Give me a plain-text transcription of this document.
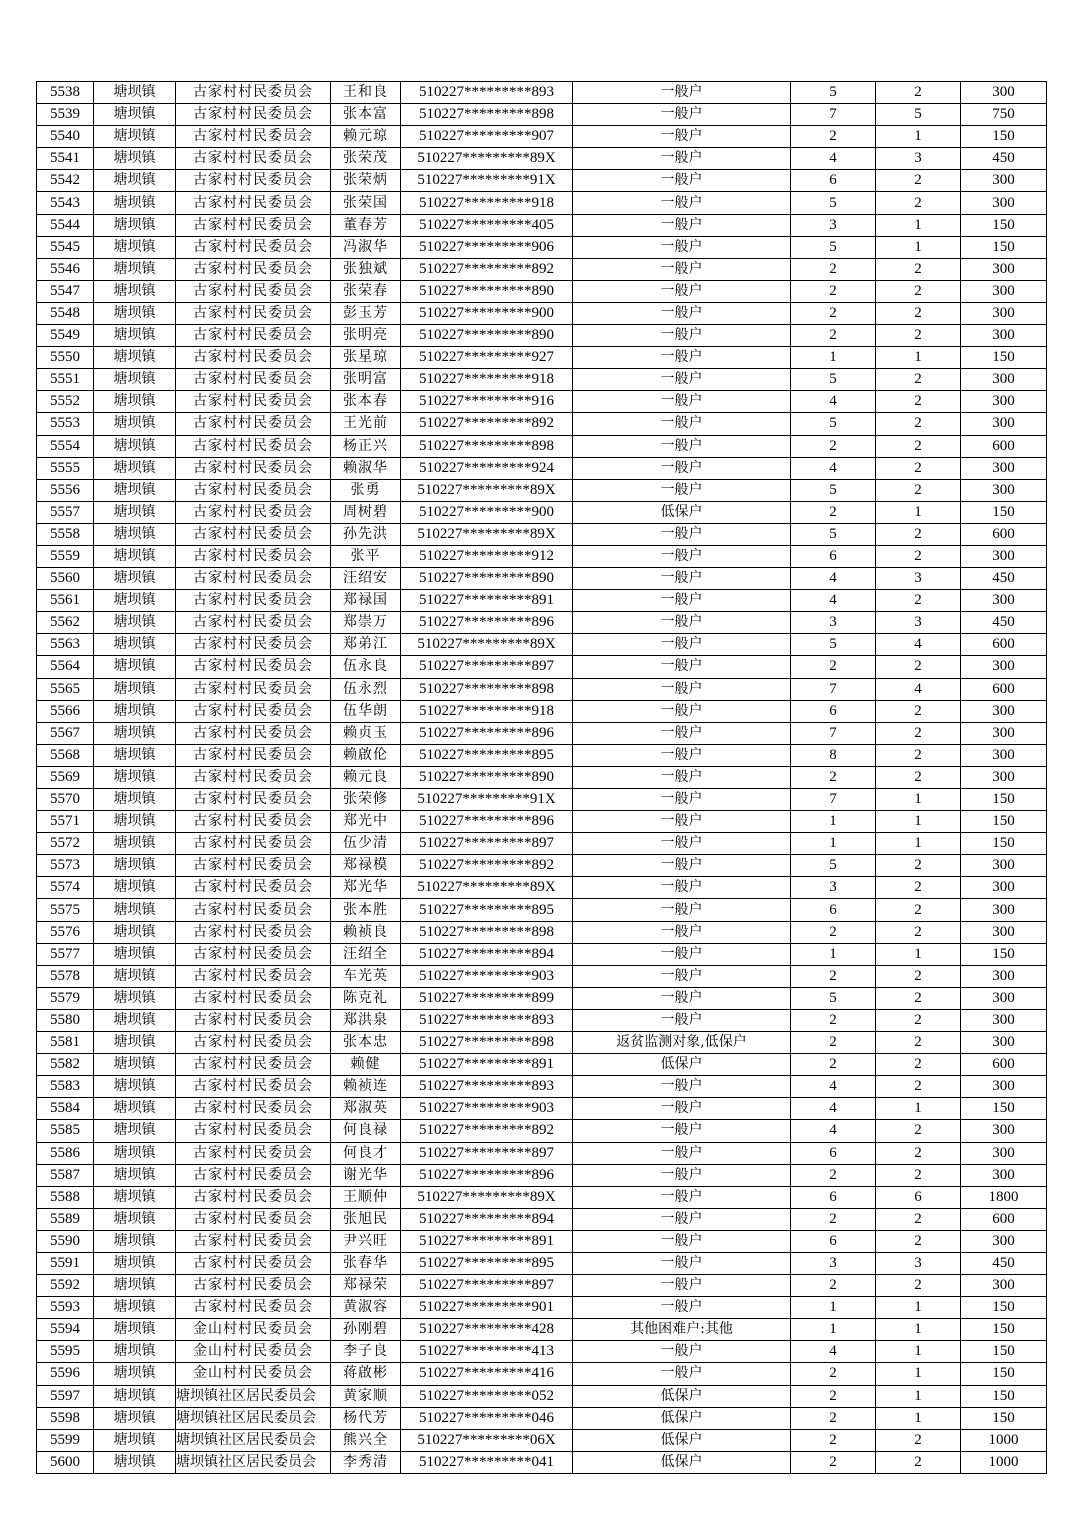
5538	塘坝镇	古家村村民委员会	王和良	510227*********893	一般户	5	2	300
5539	塘坝镇	古家村村民委员会	张本富	510227*********898	一般户	7	5	750
5540	塘坝镇	古家村村民委员会	赖元琼	510227*********907	一般户	2	1	150
5541	塘坝镇	古家村村民委员会	张荣茂	510227*********89X	一般户	4	3	450
5542	塘坝镇	古家村村民委员会	张荣炳	510227*********91X	一般户	6	2	300
5543	塘坝镇	古家村村民委员会	张荣国	510227*********918	一般户	5	2	300
5544	塘坝镇	古家村村民委员会	董春芳	510227*********405	一般户	3	1	150
5545	塘坝镇	古家村村民委员会	冯淑华	510227*********906	一般户	5	1	150
5546	塘坝镇	古家村村民委员会	张独斌	510227*********892	一般户	2	2	300
5547	塘坝镇	古家村村民委员会	张荣春	510227*********890	一般户	2	2	300
5548	塘坝镇	古家村村民委员会	彭玉芳	510227*********900	一般户	2	2	300
5549	塘坝镇	古家村村民委员会	张明亮	510227*********890	一般户	2	2	300
5550	塘坝镇	古家村村民委员会	张星琼	510227*********927	一般户	1	1	150
5551	塘坝镇	古家村村民委员会	张明富	510227*********918	一般户	5	2	300
5552	塘坝镇	古家村村民委员会	张本春	510227*********916	一般户	4	2	300
5553	塘坝镇	古家村村民委员会	王光前	510227*********892	一般户	5	2	300
5554	塘坝镇	古家村村民委员会	杨正兴	510227*********898	一般户	2	2	600
5555	塘坝镇	古家村村民委员会	赖淑华	510227*********924	一般户	4	2	300
5556	塘坝镇	古家村村民委员会	张勇	510227*********89X	一般户	5	2	300
5557	塘坝镇	古家村村民委员会	周树碧	510227*********900	低保户	2	1	150
5558	塘坝镇	古家村村民委员会	孙先洪	510227*********89X	一般户	5	2	600
5559	塘坝镇	古家村村民委员会	张平	510227*********912	一般户	6	2	300
5560	塘坝镇	古家村村民委员会	汪绍安	510227*********890	一般户	4	3	450
5561	塘坝镇	古家村村民委员会	郑禄国	510227*********891	一般户	4	2	300
5562	塘坝镇	古家村村民委员会	郑崇万	510227*********896	一般户	3	3	450
5563	塘坝镇	古家村村民委员会	郑弟江	510227*********89X	一般户	5	4	600
5564	塘坝镇	古家村村民委员会	伍永良	510227*********897	一般户	2	2	300
5565	塘坝镇	古家村村民委员会	伍永烈	510227*********898	一般户	7	4	600
5566	塘坝镇	古家村村民委员会	伍华朗	510227*********918	一般户	6	2	300
5567	塘坝镇	古家村村民委员会	赖贞玉	510227*********896	一般户	7	2	300
5568	塘坝镇	古家村村民委员会	赖啟伦	510227*********895	一般户	8	2	300
5569	塘坝镇	古家村村民委员会	赖元良	510227*********890	一般户	2	2	300
5570	塘坝镇	古家村村民委员会	张荣修	510227*********91X	一般户	7	1	150
5571	塘坝镇	古家村村民委员会	郑光中	510227*********896	一般户	1	1	150
5572	塘坝镇	古家村村民委员会	伍少清	510227*********897	一般户	1	1	150
5573	塘坝镇	古家村村民委员会	郑禄模	510227*********892	一般户	5	2	300
5574	塘坝镇	古家村村民委员会	郑光华	510227*********89X	一般户	3	2	300
5575	塘坝镇	古家村村民委员会	张本胜	510227*********895	一般户	6	2	300
5576	塘坝镇	古家村村民委员会	赖祯良	510227*********898	一般户	2	2	300
5577	塘坝镇	古家村村民委员会	汪绍全	510227*********894	一般户	1	1	150
5578	塘坝镇	古家村村民委员会	车光英	510227*********903	一般户	2	2	300
5579	塘坝镇	古家村村民委员会	陈克礼	510227*********899	一般户	5	2	300
5580	塘坝镇	古家村村民委员会	郑洪泉	510227*********893	一般户	2	2	300
5581	塘坝镇	古家村村民委员会	张本忠	510227*********898	返贫监测对象,低保户	2	2	300
5582	塘坝镇	古家村村民委员会	赖健	510227*********891	低保户	2	2	600
5583	塘坝镇	古家村村民委员会	赖祯连	510227*********893	一般户	4	2	300
5584	塘坝镇	古家村村民委员会	郑淑英	510227*********903	一般户	4	1	150
5585	塘坝镇	古家村村民委员会	何良禄	510227*********892	一般户	4	2	300
5586	塘坝镇	古家村村民委员会	何良才	510227*********897	一般户	6	2	300
5587	塘坝镇	古家村村民委员会	谢光华	510227*********896	一般户	2	2	300
5588	塘坝镇	古家村村民委员会	王顺仲	510227*********89X	一般户	6	6	1800
5589	塘坝镇	古家村村民委员会	张旭民	510227*********894	一般户	2	2	600
5590	塘坝镇	古家村村民委员会	尹兴旺	510227*********891	一般户	6	2	300
5591	塘坝镇	古家村村民委员会	张春华	510227*********895	一般户	3	3	450
5592	塘坝镇	古家村村民委员会	郑禄荣	510227*********897	一般户	2	2	300
5593	塘坝镇	古家村村民委员会	黄淑容	510227*********901	一般户	1	1	150
5594	塘坝镇	金山村村民委员会	孙刚碧	510227*********428	其他困难户:其他	1	1	150
5595	塘坝镇	金山村村民委员会	李子良	510227*********413	一般户	4	1	150
5596	塘坝镇	金山村村民委员会	蒋啟彬	510227*********416	一般户	2	1	150
5597	塘坝镇	塘坝镇社区居民委员会	黄家顺	510227*********052	低保户	2	1	150
5598	塘坝镇	塘坝镇社区居民委员会	杨代芳	510227*********046	低保户	2	1	150
5599	塘坝镇	塘坝镇社区居民委员会	熊兴全	510227*********06X	低保户	2	2	1000
5600	塘坝镇	塘坝镇社区居民委员会	李秀清	510227*********041	低保户	2	2	1000
